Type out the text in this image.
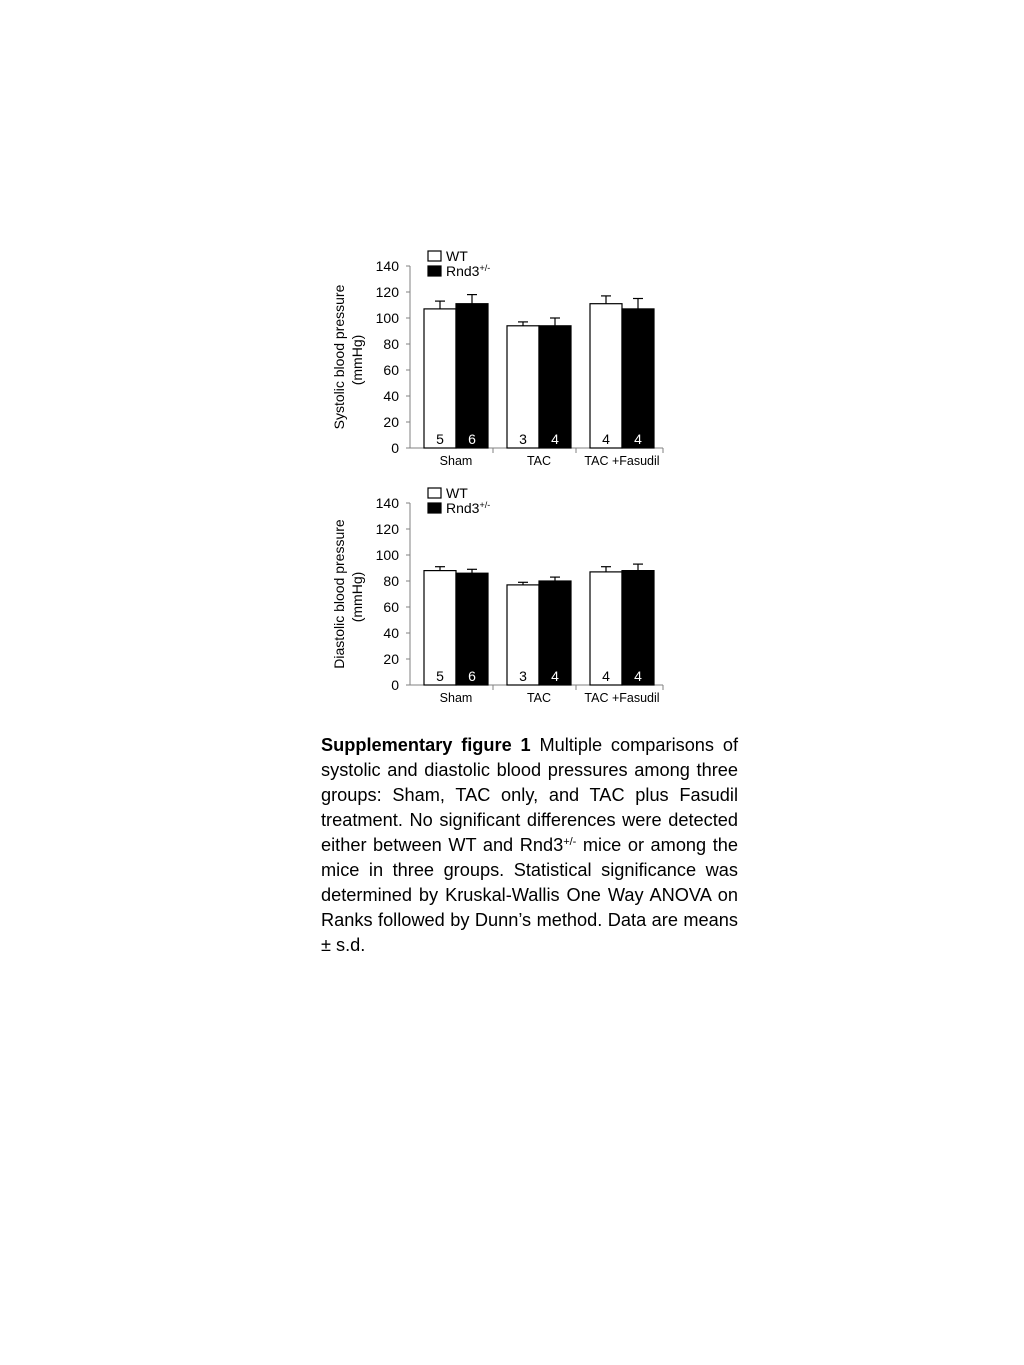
Systolic blood pressure (mmHg)
0
20
40
60
80
100
120
140
5 6
Sham
3 4
TAC
4 4
TAC +Fasudil
WT
Rnd3+/-
Diastolic blood pressure (mmHg)
0
20
40
60
80
100
120
140
5 6
Sham
3 4
TAC
4 4
TAC +Fasudil
WT
Rnd3+/-

Supplementary figure 1 Multiple comparisons of systolic and diastolic blood pressures among three groups: Sham, TAC only, and TAC plus Fasudil treatment. No significant differences were detected either between WT and Rnd3+/- mice or among the mice in three groups. Statistical significance was determined by Kruskal-Wallis One Way ANOVA on Ranks followed by Dunn’s method. Data are means ± s.d.
